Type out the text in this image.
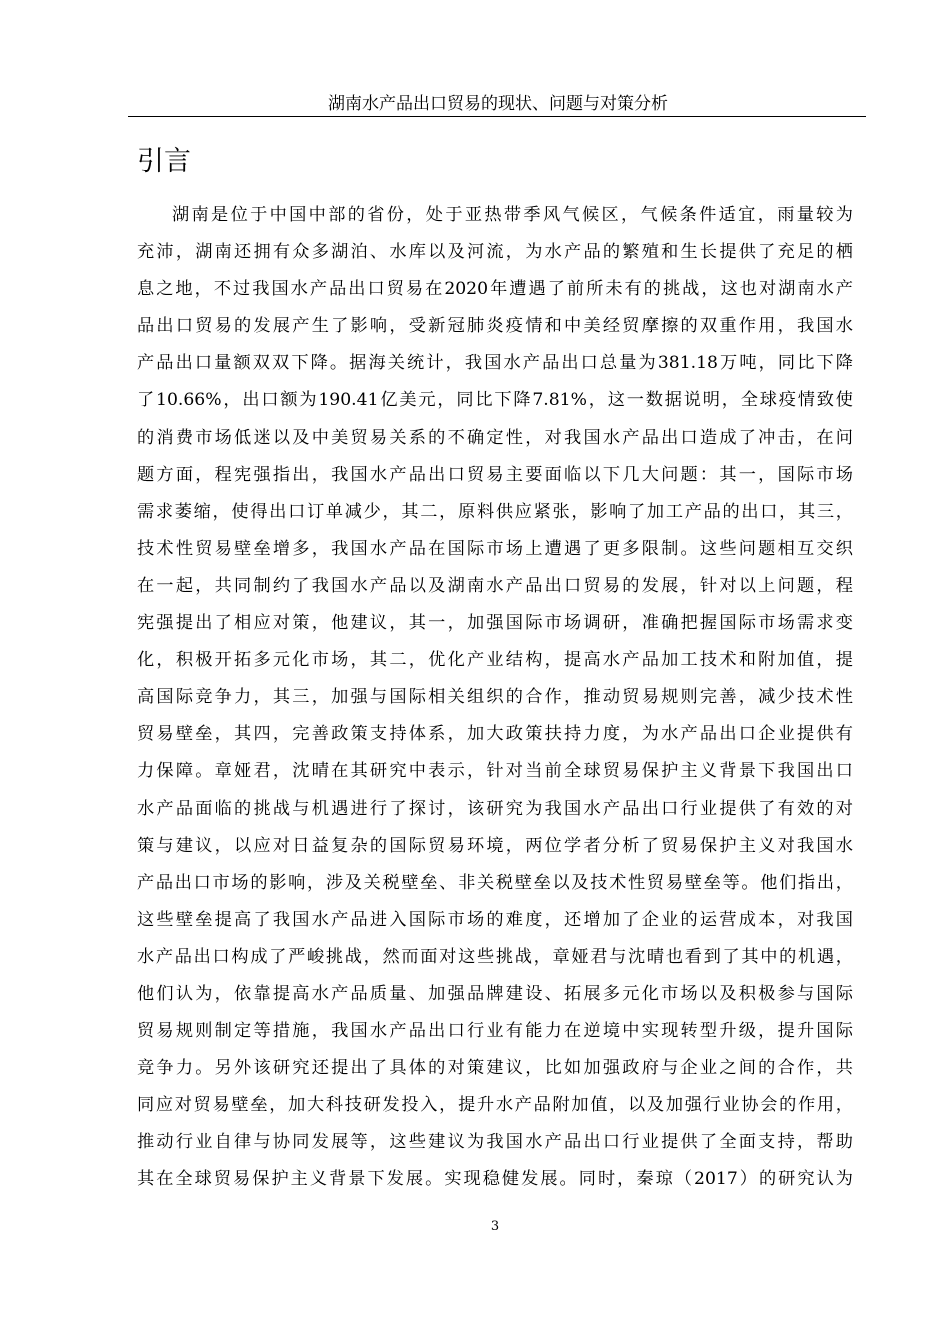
湖南水产品出口贸易的现状、问题与对策分析
引言
湖南是位于中国中部的省份，处于亚热带季风气候区，气候条件适宜，雨量较为
充沛，湖南还拥有众多湖泊、水库以及河流，为水产品的繁殖和生长提供了充足的栖
息之地，不过我国水产品出口贸易在2020年遭遇了前所未有的挑战，这也对湖南水产
品出口贸易的发展产生了影响，受新冠肺炎疫情和中美经贸摩擦的双重作用，我国水
产品出口量额双双下降。据海关统计，我国水产品出口总量为381.18万吨，同比下降
了10.66%，出口额为190.41亿美元，同比下降7.81%，这一数据说明，全球疫情致使
的消费市场低迷以及中美贸易关系的不确定性，对我国水产品出口造成了冲击，在问
题方面，程宪强指出，我国水产品出口贸易主要面临以下几大问题：其一，国际市场
需求萎缩，使得出口订单减少，其二，原料供应紧张，影响了加工产品的出口，其三，
技术性贸易壁垒增多，我国水产品在国际市场上遭遇了更多限制。这些问题相互交织
在一起，共同制约了我国水产品以及湖南水产品出口贸易的发展，针对以上问题，程
宪强提出了相应对策，他建议，其一，加强国际市场调研，准确把握国际市场需求变
化，积极开拓多元化市场，其二，优化产业结构，提高水产品加工技术和附加值，提
高国际竞争力，其三，加强与国际相关组织的合作，推动贸易规则完善，减少技术性
贸易壁垒，其四，完善政策支持体系，加大政策扶持力度，为水产品出口企业提供有
力保障。章娅君，沈晴在其研究中表示，针对当前全球贸易保护主义背景下我国出口
水产品面临的挑战与机遇进行了探讨，该研究为我国水产品出口行业提供了有效的对
策与建议，以应对日益复杂的国际贸易环境，两位学者分析了贸易保护主义对我国水
产品出口市场的影响，涉及关税壁垒、非关税壁垒以及技术性贸易壁垒等。他们指出，
这些壁垒提高了我国水产品进入国际市场的难度，还增加了企业的运营成本，对我国
水产品出口构成了严峻挑战，然而面对这些挑战，章娅君与沈晴也看到了其中的机遇，
他们认为，依靠提高水产品质量、加强品牌建设、拓展多元化市场以及积极参与国际
贸易规则制定等措施，我国水产品出口行业有能力在逆境中实现转型升级，提升国际
竞争力。另外该研究还提出了具体的对策建议，比如加强政府与企业之间的合作，共
同应对贸易壁垒，加大科技研发投入，提升水产品附加值，以及加强行业协会的作用，
推动行业自律与协同发展等，这些建议为我国水产品出口行业提供了全面支持，帮助
其在全球贸易保护主义背景下发展。实现稳健发展。同时，秦琼（2017）的研究认为
3
